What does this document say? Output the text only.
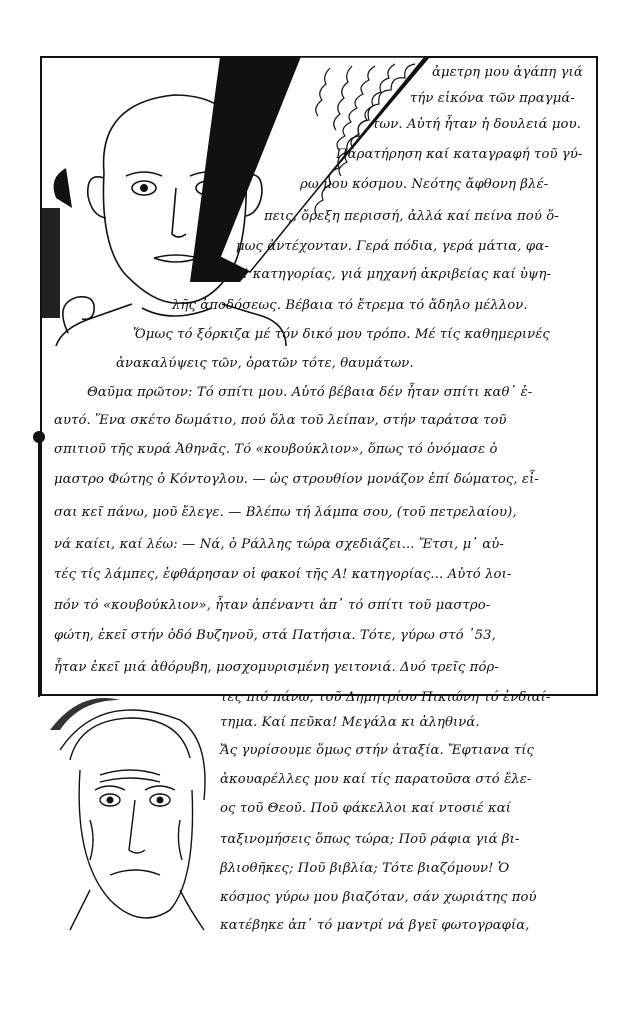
ἀμετρη μου ἀγάπη γιά
τήν εἰκόνα τῶν πραγμά-
των. Αὐτή ἦταν ἡ δουλειά μου.
Παρατήρηση καί καταγραφή τοῦ γύ-
ρω μου κόσμου. Νεότης ἄφθονη βλέ-
πεις, ὄρεξη περισσή, ἀλλά καί πείνα πού ὅ-
μως ἀντέχονταν. Γερά πόδια, γερά μάτια, φα-
κοί Α! κατηγορίας, γιά μηχανή ἀκριβείας καί ὑψη-
λῆς ἀποδόσεως. Βέβαια τό ἔτρεμα τό ἄδηλο μέλλον.
Ὅμως τό ξόρκιζα μέ τόν δικό μου τρόπο. Μέ τίς καθημερινές
ἀνακαλύψεις τῶν, ὁρατῶν τότε, θαυμάτων.
Θαῦμα πρῶτον: Τό σπίτι μου. Αὐτό βέβαια δέν ἦταν σπίτι καθ᾽ ἑ-
αυτό. Ἕνα σκέτο δωμάτιο, πού ὅλα τοῦ λείπαν, στήν ταράτσα τοῦ
σπιτιοῦ τῆς κυρά Ἀθηνᾶς. Τό «κουβούκλιον», ὅπως τό ὀνόμασε ὁ
μαστρο Φώτης ὁ Κόντογλου. — ὡς στρουθίον μονάζον ἐπί δώματος, εἶ-
σαι κεῖ πάνω, μοῦ ἔλεγε. — Βλέπω τή λάμπα σου, (τοῦ πετρελαίου),
νά καίει, καί λέω: — Νά, ὁ Ράλλης τώρα σχεδιάζει... Ἔτσι, μ᾽ αὐ-
τές τίς λάμπες, ἐφθάρησαν οἱ φακοί τῆς Α! κατηγορίας... Αὐτό λοι-
πόν τό «κουβούκλιον», ἦταν ἀπέναντι ἀπ᾽ τό σπίτι τοῦ μαστρο-
φώτη, ἐκεῖ στήν ὁδό Βυζηνοῦ, στά Πατήσια. Τότε, γύρω στό ᾽53,
ἦταν ἐκεῖ μιά ἀθόρυβη, μοσχομυρισμένη γειτονιά. Δυό τρεῖς πόρ-
τες πιό πάνω, τοῦ Δημητρίου Πικιώνη τό ἐνδιαί-
τημα. Καί πεῦκα! Μεγάλα κι ἀληθινά.
Ἄς γυρίσουμε ὅμως στήν ἀταξία. Ἔφτιανα τίς
ἀκουαρέλλες μου καί τίς παρατοῦσα στό ἔλε-
ος τοῦ Θεοῦ. Ποῦ φάκελλοι καί ντοσιέ καί
ταξινομήσεις ὅπως τώρα; Ποῦ ράφια γιά βι-
βλιοθῆκες; Ποῦ βιβλία; Τότε βιαζόμουν! Ὁ
κόσμος γύρω μου βιαζόταν, σάν χωριάτης πού
κατέβηκε ἀπ᾽ τό μαντρί νά βγεῖ φωτογραφία,
